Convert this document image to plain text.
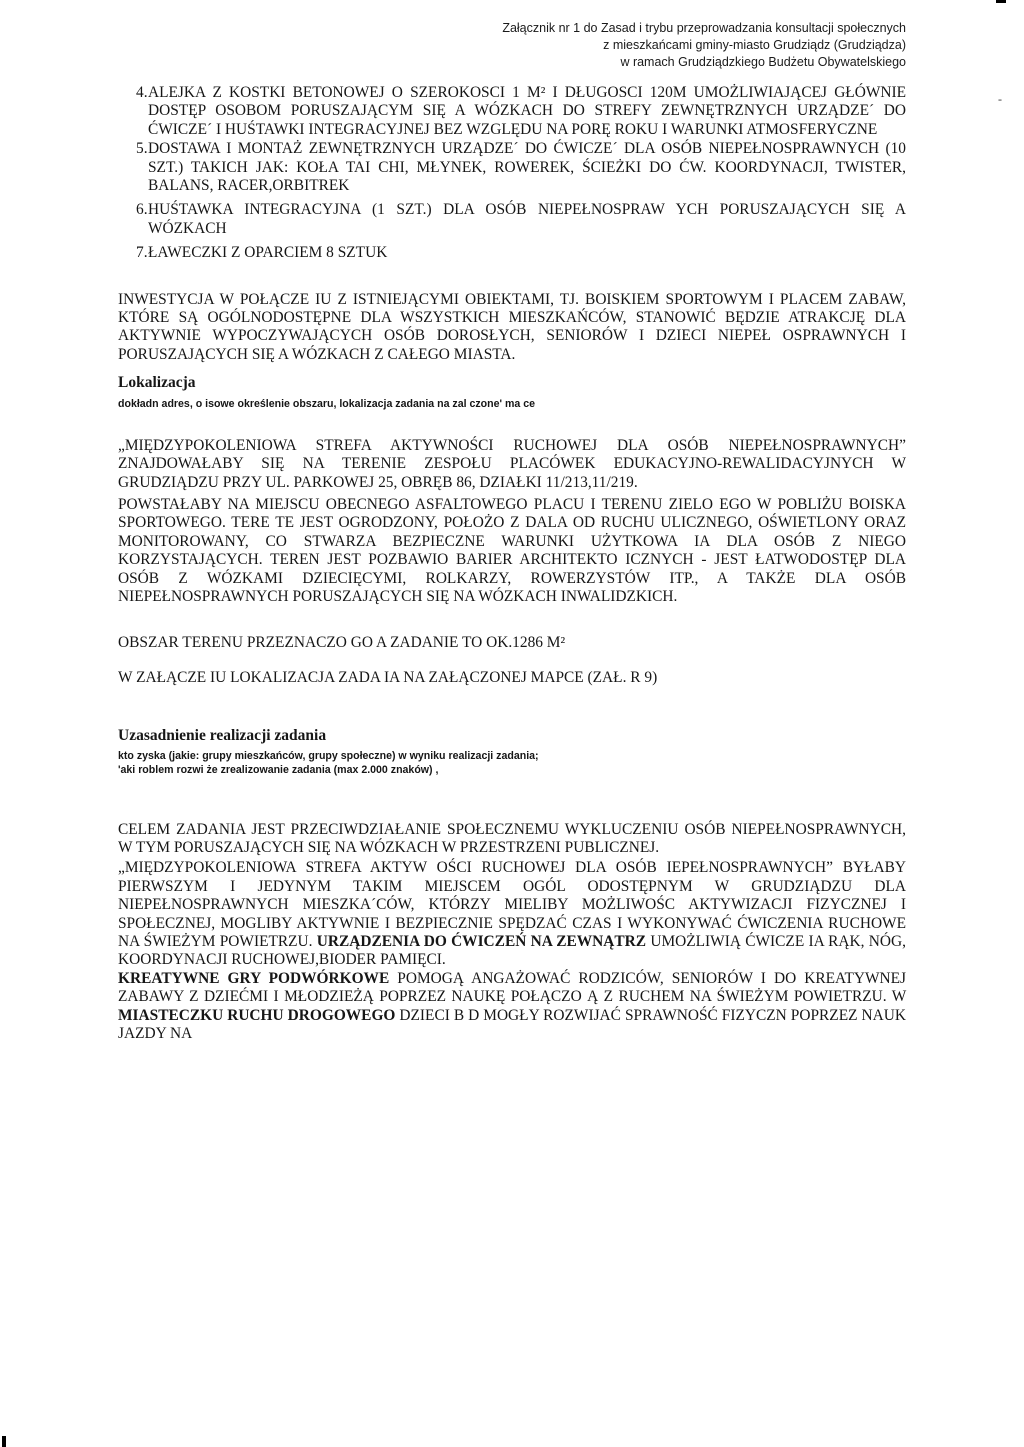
-
Załącznik nr 1 do Zasad i trybu przeprowadzania konsultacji społecznych
z mieszkańcami gminy-miasto Grudziądz (Grudziądza)
w ramach Grudziądzkiego Budżetu Obywatelskiego
4. ALEJKA Z KOSTKI BETONOWEJ O SZEROKOSCI 1 M² I DŁUGOSCI 120M UMOŻLIWIAJĄCEJ GŁÓWNIE DOSTĘP OSOBOM PORUSZAJĄCYM SIĘ A WÓZKACH DO STREFY ZEWNĘTRZNYCH URZĄDZE´ DO ĆWICZE´ I HUŚTAWKI INTEGRACYJNEJ BEZ WZGLĘDU NA PORĘ ROKU I WARUNKI ATMOSFERYCZNE
5. DOSTAWA I MONTAŻ ZEWNĘTRZNYCH URZĄDZE´ DO ĆWICZE´ DLA OSÓB NIEPEŁNOSPRAWNYCH (10 SZT.) TAKICH JAK: KOŁA TAI CHI, MŁYNEK, ROWEREK, ŚCIEŻKI DO ĆW. KOORDYNACJI, TWISTER, BALANS, RACER,ORBITREK
6. HUŚTAWKA INTEGRACYJNA (1 SZT.) DLA OSÓB NIEPEŁNOSPRAW YCH PORUSZAJĄCYCH SIĘ A WÓZKACH
7. ŁAWECZKI Z OPARCIEM 8 SZTUK

INWESTYCJA W POŁĄCZE IU Z ISTNIEJĄCYMI OBIEKTAMI, TJ. BOISKIEM SPORTOWYM I PLACEM ZABAW, KTÓRE SĄ OGÓLNODOSTĘPNE DLA WSZYSTKICH MIESZKAŃCÓW, STANOWIĆ BĘDZIE ATRAKCJĘ DLA AKTYWNIE WYPOCZYWAJĄCYCH OSÓB DOROSŁYCH, SENIORÓW I DZIECI NIEPEŁ OSPRAWNYCH I PORUSZAJĄCYCH SIĘ A WÓZKACH Z CAŁEGO MIASTA.

Lokalizacja

dokładn adres, o isowe określenie obszaru, lokalizacja zadania na zal czone' ma ce

„MIĘDZYPOKOLENIOWA STREFA AKTYWNOŚCI RUCHOWEJ DLA OSÓB NIEPEŁNOSPRAWNYCH” ZNAJDOWAŁABY SIĘ NA TERENIE ZESPOŁU PLACÓWEK EDUKACYJNO-REWALIDACYJNYCH W GRUDZIĄDZU PRZY UL. PARKOWEJ 25, OBRĘB 86, DZIAŁKI 11/213,11/219.

POWSTAŁABY NA MIEJSCU OBECNEGO ASFALTOWEGO PLACU I TERENU ZIELO EGO W POBLIŻU BOISKA SPORTOWEGO. TERE TE JEST OGRODZONY, POŁOŻO Z DALA OD RUCHU ULICZNEGO, OŚWIETLONY ORAZ MONITOROWANY, CO STWARZA BEZPIECZNE WARUNKI UŻYTKOWA IA DLA OSÓB Z NIEGO KORZYSTAJĄCYCH. TEREN JEST POZBAWIO BARIER ARCHITEKTO ICZNYCH - JEST ŁATWODOSTĘP DLA OSÓB Z WÓZKAMI DZIECIĘCYMI, ROLKARZY, ROWERZYSTÓW ITP., A TAKŻE DLA OSÓB NIEPEŁNOSPRAWNYCH PORUSZAJĄCYCH SIĘ NA WÓZKACH INWALIDZKICH.

OBSZAR TERENU PRZEZNACZO GO A ZADANIE TO OK.1286 M²

W ZAŁĄCZE IU LOKALIZACJA ZADA IA NA ZAŁĄCZONEJ MAPCE (ZAŁ. R 9)

Uzasadnienie realizacji zadania

kto zyska (jakie: grupy mieszkańców, grupy społeczne) w wyniku realizacji zadania;

'aki roblem rozwi że zrealizowanie zadania (max 2.000 znaków) ,

CELEM ZADANIA JEST PRZECIWDZIAŁANIE SPOŁECZNEMU WYKLUCZENIU OSÓB NIEPEŁNOSPRAWNYCH, W TYM PORUSZAJĄCYCH SIĘ NA WÓZKACH W PRZESTRZENI PUBLICZNEJ.

„MIĘDZYPOKOLENIOWA STREFA AKTYW OŚCI RUCHOWEJ DLA OSÓB IEPEŁNOSPRAWNYCH” BYŁABY PIERWSZYM I JEDYNYM TAKIM MIEJSCEM OGÓL ODOSTĘPNYM W GRUDZIĄDZU DLA NIEPEŁNOSPRAWNYCH MIESZKA´CÓW, KTÓRZY MIELIBY MOŻLIWOŚC AKTYWIZACJI FIZYCZNEJ I SPOŁECZNEJ, MOGLIBY AKTYWNIE I BEZPIECZNIE SPĘDZAĆ CZAS I WYKONYWAĆ ĆWICZENIA RUCHOWE NA ŚWIEŻYM POWIETRZU. URZĄDZENIA DO ĆWICZEŃ NA ZEWNĄTRZ UMOŻLIWIĄ ĆWICZE IA RĄK, NÓG, KOORDYNACJI RUCHOWEJ,BIODER PAMIĘCI.

KREATYWNE GRY PODWÓRKOWE POMOGĄ ANGAŻOWAĆ RODZICÓW, SENIORÓW I DO KREATYWNEJ ZABAWY Z DZIEĆMI I MŁODZIEŻĄ POPRZEZ NAUKĘ POŁĄCZO Ą Z RUCHEM NA ŚWIEŻYM POWIETRZU. W MIASTECZKU RUCHU DROGOWEGO DZIECI B D MOGŁY ROZWIJAĆ SPRAWNOŚĆ FIZYCZN POPRZEZ NAUK JAZDY NA
